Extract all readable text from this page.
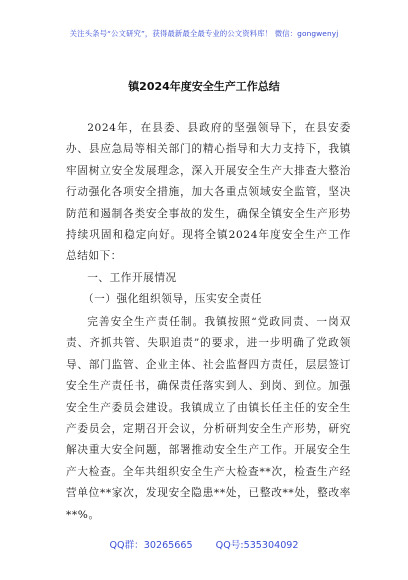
关注头条号“公文研究”，获得最新最全最专业的公文资料库！ 微信：gongwenyj
镇2024年度安全生产工作总结
2024年，在县委、县政府的坚强领导下，在县安委办、县应急局等相关部门的精心指导和大力支持下，我镇牢固树立安全发展理念，深入开展安全生产大排查大整治行动强化各项安全措施，加大各重点领域安全监管，坚决防范和遏制各类安全事故的发生，确保全镇安全生产形势持续巩固和稳定向好。现将全镇2024年度安全生产工作总结如下：
一、工作开展情况
（一）强化组织领导，压实安全责任
完善安全生产责任制。我镇按照“党政同责、一岗双责、齐抓共管、失职追责”的要求，进一步明确了党政领导、部门监管、企业主体、社会监督四方责任，层层签订安全生产责任书，确保责任落实到人、到岗、到位。加强安全生产委员会建设。我镇成立了由镇长任主任的安全生产委员会，定期召开会议，分析研判安全生产形势，研究解决重大安全问题，部署推动安全生产工作。开展安全生产大检查。全年共组织安全生产大检查**次，检查生产经营单位**家次，发现安全隐患**处，已整改**处，整改率**%。
QQ群：30265665 QQ号:535304092
